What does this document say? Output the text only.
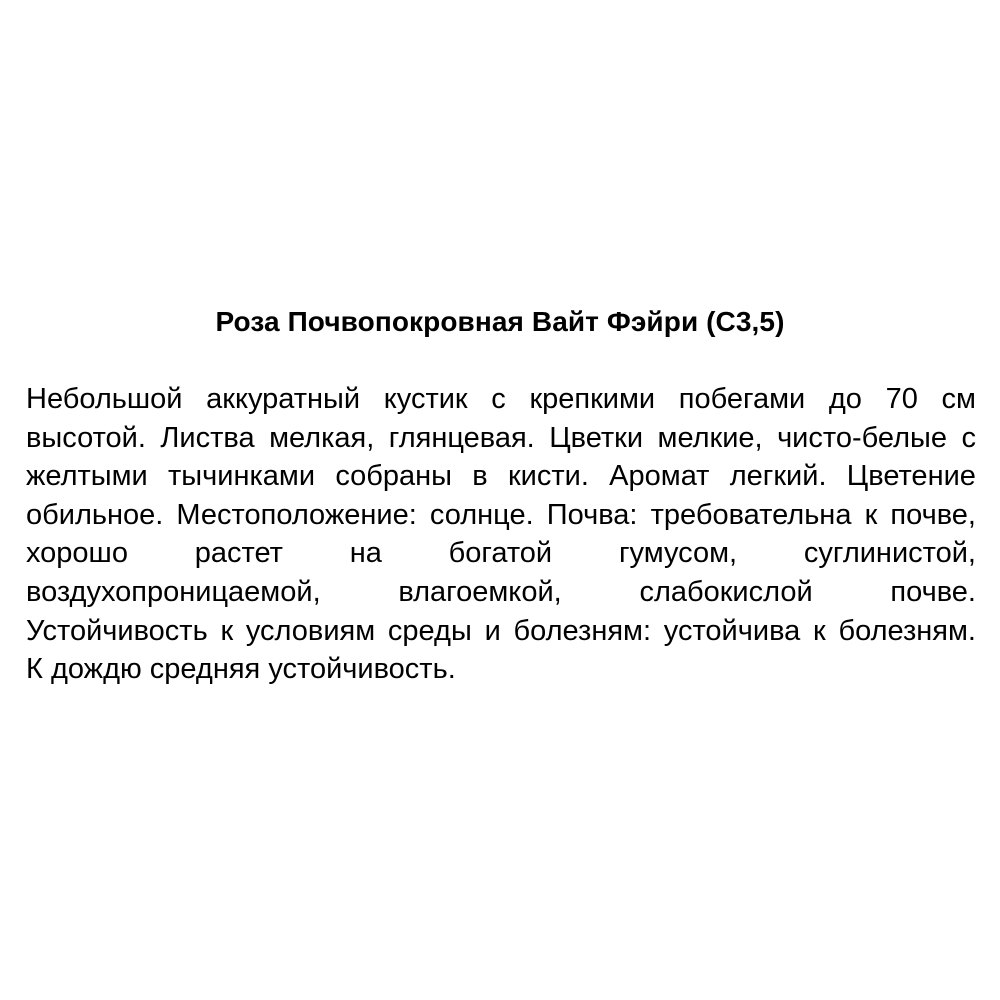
Роза Почвопокровная Вайт Фэйри (C3,5)
Небольшой аккуратный кустик с крепкими побегами до 70 см
высотой. Листва мелкая, глянцевая. Цветки мелкие, чисто-белые с
желтыми тычинками собраны в кисти. Аромат легкий. Цветение
обильное. Местоположение: солнце. Почва: требовательна к почве,
хорошо растет на богатой гумусом, суглинистой,
воздухопроницаемой,	влагоемкой,	слабокислой	почве.
Устойчивость к условиям среды и болезням: устойчива к болезням.
К дождю средняя устойчивость.
